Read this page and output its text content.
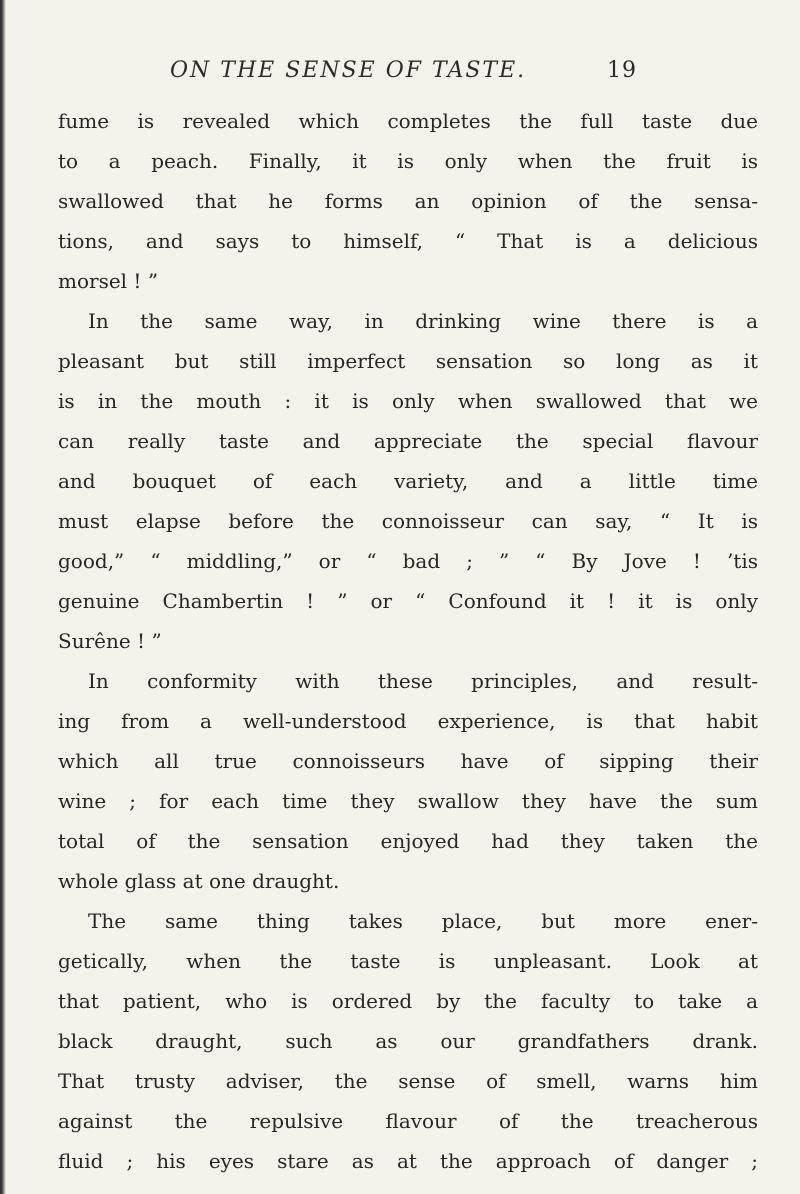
ON THE SENSE OF TASTE.	19
fume is revealed which completes the full taste due
to a peach. Finally, it is only when the fruit is
swallowed that he forms an opinion of the sensa-
tions, and says to himself, “ That is a delicious
morsel ! ”
In the same way, in drinking wine there is a
pleasant but still imperfect sensation so long as it
is in the mouth : it is only when swallowed that we
can really taste and appreciate the special flavour
and bouquet of each variety, and a little time
must elapse before the connoisseur can say, “ It is
good,” “ middling,” or “ bad ; ” “ By Jove ! ’tis
genuine Chambertin ! ” or “ Confound it ! it is only
Surêne ! ”
In conformity with these principles, and result-
ing from a well-understood experience, is that habit
which all true connoisseurs have of sipping their
wine ; for each time they swallow they have the sum
total of the sensation enjoyed had they taken the
whole glass at one draught.
The same thing takes place, but more ener-
getically, when the taste is unpleasant. Look at
that patient, who is ordered by the faculty to take a
black draught, such as our grandfathers drank.
That trusty adviser, the sense of smell, warns him
against the repulsive flavour of the treacherous
fluid ; his eyes stare as at the approach of danger ;
